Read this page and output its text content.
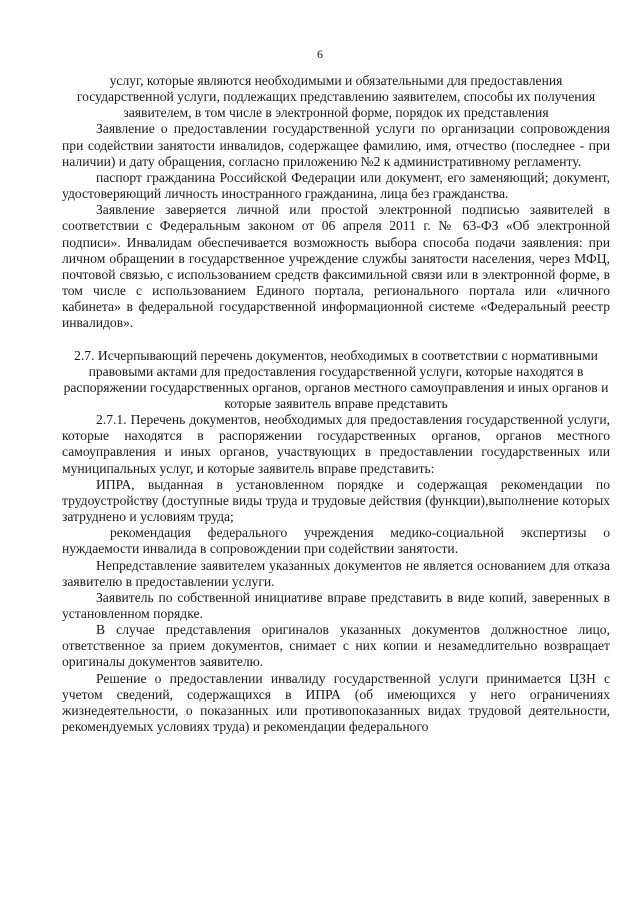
6

услуг, которые являются необходимыми и обязательными для предоставления государственной услуги, подлежащих представлению заявителем, способы их получения заявителем, в том числе в электронной форме, порядок их представления

Заявление о предоставлении государственной услуги по организации сопровождения при содействии занятости инвалидов, содержащее фамилию, имя, отчество (последнее - при наличии) и дату обращения, согласно приложению №2 к административному регламенту.

паспорт гражданина Российской Федерации или документ, его заменяющий; документ, удостоверяющий личность иностранного гражданина, лица без гражданства.

Заявление заверяется личной или простой электронной подписью заявителей в соответствии с Федеральным законом от 06 апреля 2011 г. № 63-ФЗ «Об электронной подписи». Инвалидам обеспечивается возможность выбора способа подачи заявления: при личном обращении в государственное учреждение службы занятости населения, через МФЦ, почтовой связью, с использованием средств факсимильной связи или в электронной форме, в том числе с использованием Единого портала, регионального портала или «личного кабинета» в федеральной государственной информационной системе «Федеральный реестр инвалидов».

2.7. Исчерпывающий перечень документов, необходимых в соответствии с нормативными правовыми актами для предоставления государственной услуги, которые находятся в распоряжении государственных органов, органов местного самоуправления и иных органов и которые заявитель вправе представить

2.7.1. Перечень документов, необходимых для предоставления государственной услуги, которые находятся в распоряжении государственных органов, органов местного самоуправления и иных органов, участвующих в предоставлении государственных или муниципальных услуг, и которые заявитель вправе представить:

ИПРА, выданная в установленном порядке и содержащая рекомендации по трудоустройству (доступные виды труда и трудовые действия (функции),выполнение которых затруднено и условиям труда;

рекомендация федерального учреждения медико-социальной экспертизы о нуждаемости инвалида в сопровождении при содействии занятости.

Непредставление заявителем указанных документов не является основанием для отказа заявителю в предоставлении услуги.

Заявитель по собственной инициативе вправе представить в виде копий, заверенных в установленном порядке.

В случае представления оригиналов указанных документов должностное лицо, ответственное за прием документов, снимает с них копии и незамедлительно возвращает оригиналы документов заявителю.

Решение о предоставлении инвалиду государственной услуги принимается ЦЗН с учетом сведений, содержащихся в ИПРА (об имеющихся у него ограничениях жизнедеятельности, о показанных или противопоказанных видах трудовой деятельности, рекомендуемых условиях труда) и рекомендации федерального
